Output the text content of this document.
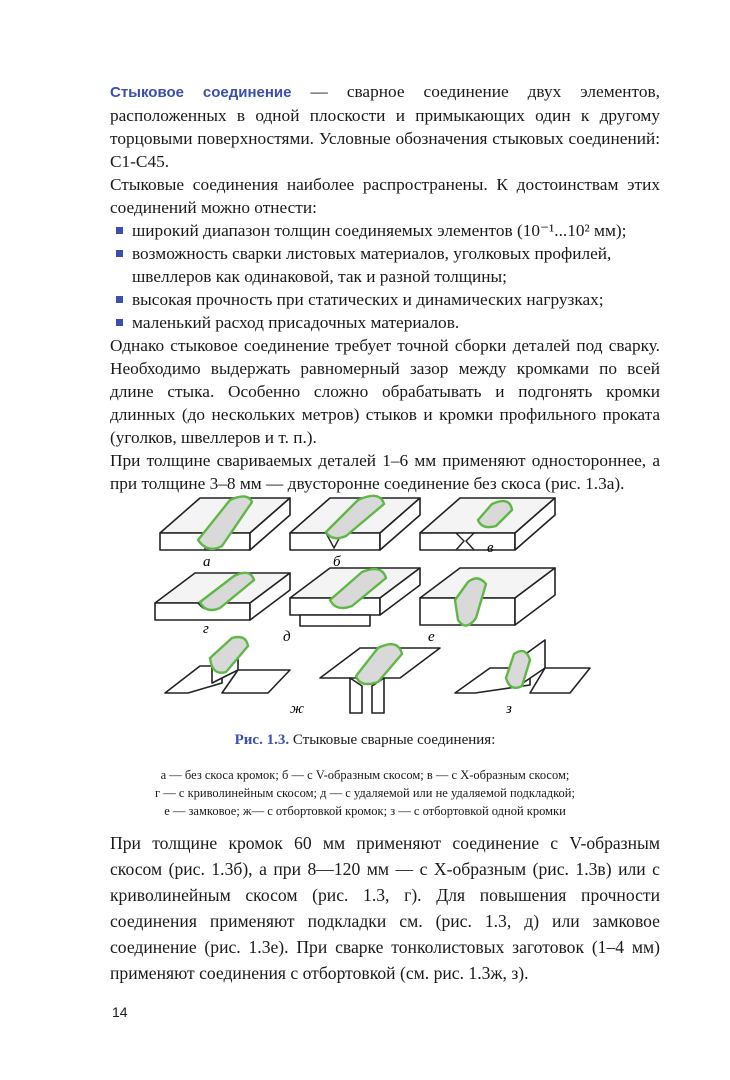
Стыковое соединение — сварное соединение двух элементов, расположенных в одной плоскости и примыкающих один к другому торцовыми поверхностями. Условные обозначения стыковых соединений: С1-С45.

Стыковые соединения наиболее распространены. К достоинствам этих соединений можно отнести:

широкий диапазон толщин соединяемых элементов (10⁻¹...10² мм);
возможность сварки листовых материалов, уголковых профилей, швеллеров как одинаковой, так и разной толщины;
высокая прочность при статических и динамических нагрузках;
маленький расход присадочных материалов.

Однако стыковое соединение требует точной сборки деталей под сварку. Необходимо выдержать равномерный зазор между кромками по всей длине стыка. Особенно сложно обрабатывать и подгонять кромки длинных (до нескольких метров) стыков и кромки профильного проката (уголков, швеллеров и т. п.).

При толщине свариваемых деталей 1–6 мм применяют одностороннее, а при толщине 3–8 мм — двусторонне соединение без скоса (рис. 1.3а).

а	б
в
г	д	е
ж	з
Рис. 1.3. Стыковые сварные соединения:
а — без скоса кромок; б — с V-образным скосом; в — с X-образным скосом;
г — с криволинейным скосом; д — с удаляемой или не удаляемой подкладкой;
е — замковое; ж— с отбортовкой кромок; з — с отбортовкой одной кромки

При толщине кромок 60 мм применяют соединение с V-образным скосом (рис. 1.3б), а при 8—120 мм — с X-образным (рис. 1.3в) или с криволинейным скосом (рис. 1.3, г). Для повышения прочности соединения применяют подкладки см. (рис. 1.3, д) или замковое соединение (рис. 1.3е). При сварке тонколистовых заготовок (1–4 мм) применяют соединения с отбортовкой (см. рис. 1.3ж, з).

14
